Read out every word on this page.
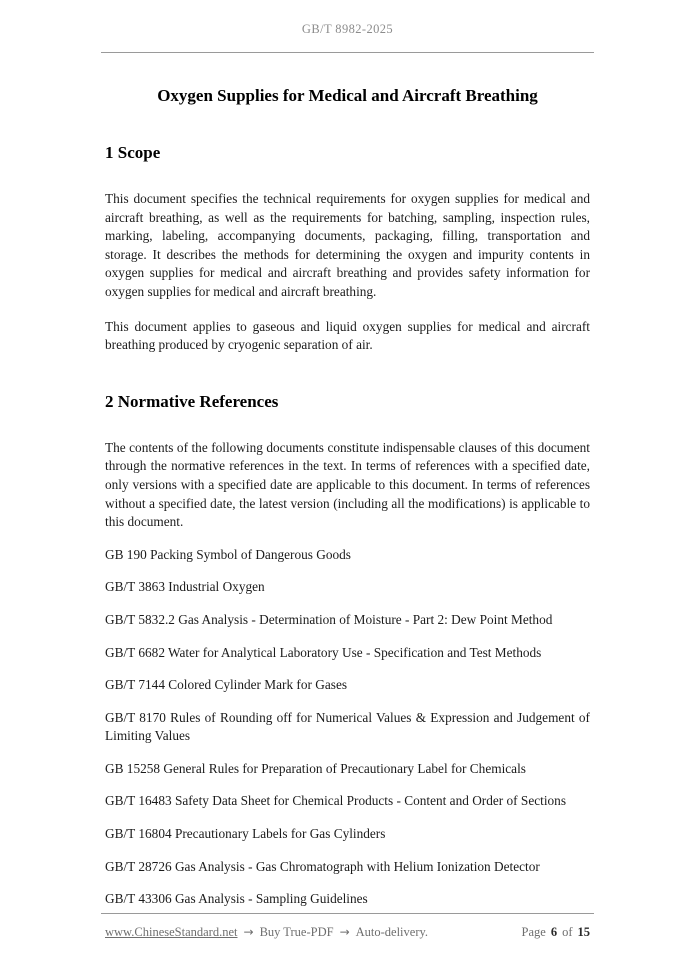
GB/T 8982-2025
Oxygen Supplies for Medical and Aircraft Breathing
1 Scope

This document specifies the technical requirements for oxygen supplies for medical and aircraft breathing, as well as the requirements for batching, sampling, inspection rules, marking, labeling, accompanying documents, packaging, filling, transportation and storage. It describes the methods for determining the oxygen and impurity contents in oxygen supplies for medical and aircraft breathing and provides safety information for oxygen supplies for medical and aircraft breathing.

This document applies to gaseous and liquid oxygen supplies for medical and aircraft breathing produced by cryogenic separation of air.

2 Normative References

The contents of the following documents constitute indispensable clauses of this document through the normative references in the text. In terms of references with a specified date, only versions with a specified date are applicable to this document. In terms of references without a specified date, the latest version (including all the modifications) is applicable to this document.

GB 190 Packing Symbol of Dangerous Goods

GB/T 3863 Industrial Oxygen

GB/T 5832.2 Gas Analysis - Determination of Moisture - Part 2: Dew Point Method

GB/T 6682 Water for Analytical Laboratory Use - Specification and Test Methods

GB/T 7144 Colored Cylinder Mark for Gases

GB/T 8170 Rules of Rounding off for Numerical Values & Expression and Judgement of Limiting Values

GB 15258 General Rules for Preparation of Precautionary Label for Chemicals

GB/T 16483 Safety Data Sheet for Chemical Products - Content and Order of Sections

GB/T 16804 Precautionary Labels for Gas Cylinders

GB/T 28726 Gas Analysis - Gas Chromatograph with Helium Ionization Detector

GB/T 43306 Gas Analysis - Sampling Guidelines

www.ChineseStandard.net → Buy True-PDF → Auto-delivery.	Page 6 of 15
